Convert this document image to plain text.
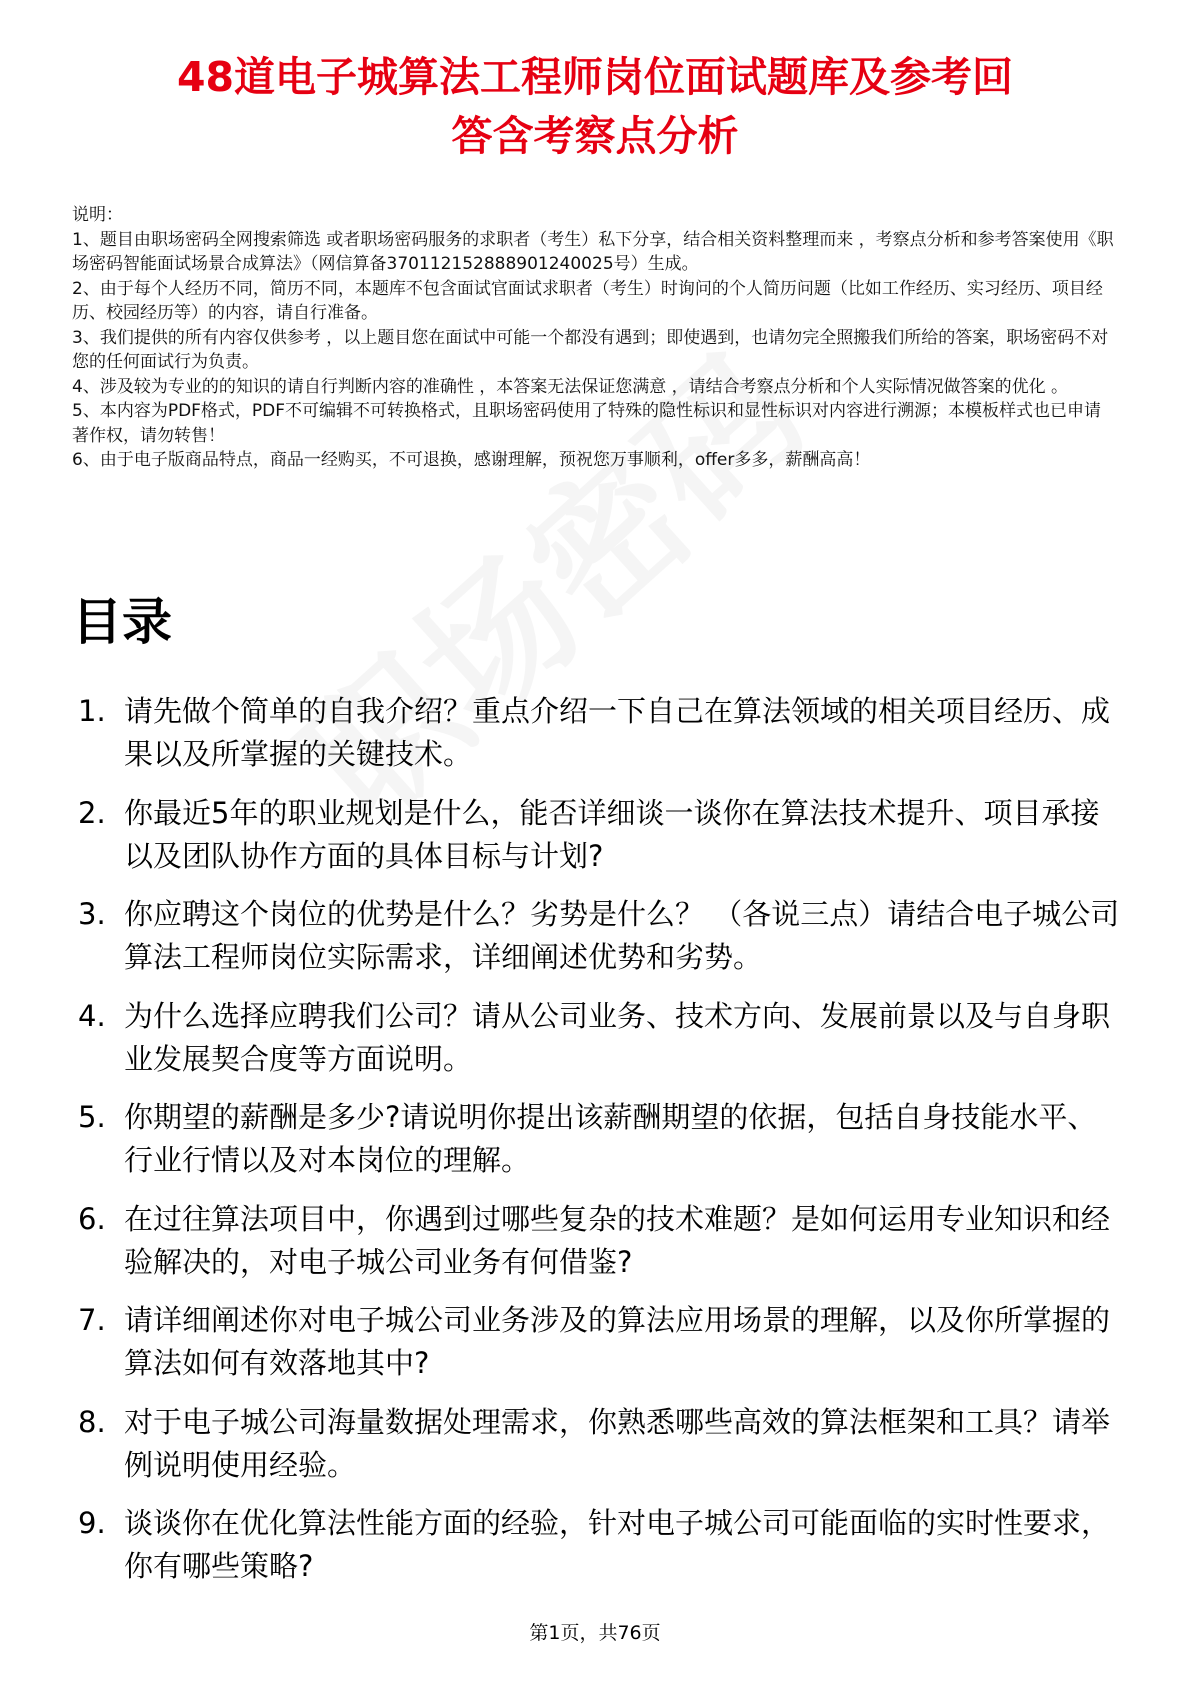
48道电子城算法工程师岗位面试题库及参考回
答含考察点分析

说明：

1、题目由职场密码全网搜索筛选 或者职场密码服务的求职者（考生）私下分享，结合相关资料整理而来 ，考察点分析和参考答案使用《职场密码智能面试场景合成算法》（网信算备370112152888901240025号）生成。

2、由于每个人经历不同，简历不同，本题库不包含面试官面试求职者（考生）时询问的个人简历问题（比如工作经历、实习经历、项目经历、校园经历等）的内容，请自行准备。

3、我们提供的所有内容仅供参考 ，以上题目您在面试中可能一个都没有遇到；即使遇到，也请勿完全照搬我们所给的答案，职场密码不对您的任何面试行为负责。

4、涉及较为专业的的知识的请自行判断内容的准确性 ，本答案无法保证您满意 ，请结合考察点分析和个人实际情况做答案的优化 。

5、本内容为PDF格式，PDF不可编辑不可转换格式，且职场密码使用了特殊的隐性标识和显性标识对内容进行溯源；本模板样式也已申请著作权，请勿转售！

6、由于电子版商品特点，商品一经购买，不可退换，感谢理解，预祝您万事顺利，offer多多，薪酬高高！

目录
1. 请先做个简单的自我介绍？重点介绍一下自己在算法领域的相关项目经历、成果以及所掌握的关键技术。
2. 你最近5年的职业规划是什么，能否详细谈一谈你在算法技术提升、项目承接以及团队协作方面的具体目标与计划?
3. 你应聘这个岗位的优势是什么？劣势是什么？ （各说三点）请结合电子城公司算法工程师岗位实际需求，详细阐述优势和劣势。
4. 为什么选择应聘我们公司？请从公司业务、技术方向、发展前景以及与自身职业发展契合度等方面说明。
5. 你期望的薪酬是多少?请说明你提出该薪酬期望的依据，包括自身技能水平、行业行情以及对本岗位的理解。
6. 在过往算法项目中，你遇到过哪些复杂的技术难题？是如何运用专业知识和经验解决的，对电子城公司业务有何借鉴?
7. 请详细阐述你对电子城公司业务涉及的算法应用场景的理解，以及你所掌握的算法如何有效落地其中?
8. 对于电子城公司海量数据处理需求，你熟悉哪些高效的算法框架和工具？请举例说明使用经验。
9. 谈谈你在优化算法性能方面的经验，针对电子城公司可能面临的实时性要求，你有哪些策略?
第1页，共76页
